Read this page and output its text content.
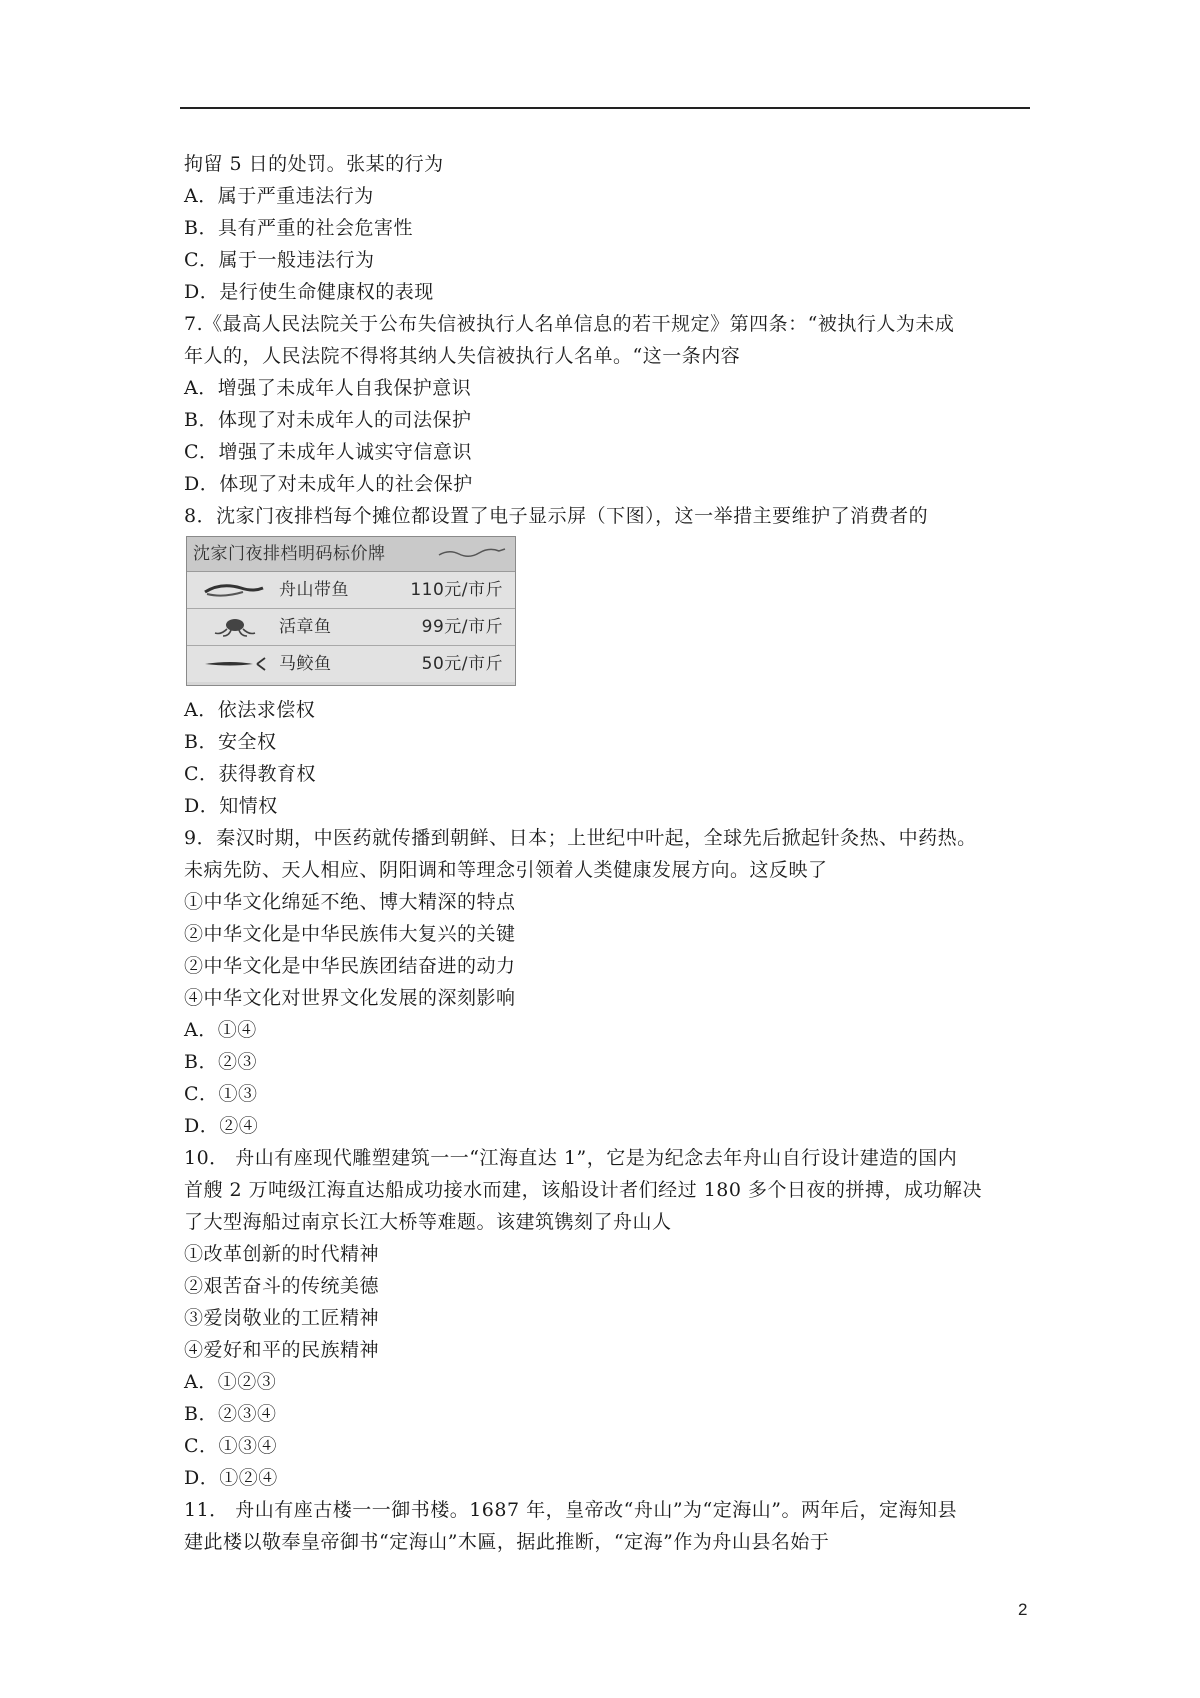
拘留 5 日的处罚。张某的行为
A．属于严重违法行为
B．具有严重的社会危害性
C．属于一般违法行为
D．是行使生命健康权的表现
7.《最高人民法院关于公布失信被执行人名单信息的若干规定》第四条：“被执行人为未成
年人的，人民法院不得将其纳人失信被执行人名单。“这一条内容
A．增强了未成年人自我保护意识
B．体现了对未成年人的司法保护
C．增强了未成年人诚实守信意识
D．体现了对未成年人的社会保护
8．沈家门夜排档每个摊位都设置了电子显示屏（下图），这一举措主要维护了消费者的
沈家门夜排档明码标价牌
舟山带鱼	110元/市斤
活章鱼	99元/市斤
马鲛鱼	50元/市斤
A．依法求偿权
B．安全权
C．获得教育权
D．知情权
9．秦汉时期，中医药就传播到朝鲜、日本；上世纪中叶起，全球先后掀起针灸热、中药热。
未病先防、天人相应、阴阳调和等理念引领着人类健康发展方向。这反映了
①中华文化绵延不绝、博大精深的特点
②中华文化是中华民族伟大复兴的关键
②中华文化是中华民族团结奋进的动力
④中华文化对世界文化发展的深刻影响
A．①④
B．②③
C．①③
D．②④
10． 舟山有座现代雕塑建筑一一“江海直达 1”，它是为纪念去年舟山自行设计建造的国内
首艘 2 万吨级江海直达船成功接水而建，该船设计者们经过 180 多个日夜的拼搏，成功解决
了大型海船过南京长江大桥等难题。该建筑镌刻了舟山人
①改革创新的时代精神
②艰苦奋斗的传统美德
③爱岗敬业的工匠精神
④爱好和平的民族精神
A．①②③
B．②③④
C．①③④
D．①②④
11． 舟山有座古楼一一御书楼。1687 年，皇帝改“舟山”为“定海山”。两年后，定海知县
建此楼以敬奉皇帝御书“定海山”木匾，据此推断，“定海”作为舟山县名始于
2
